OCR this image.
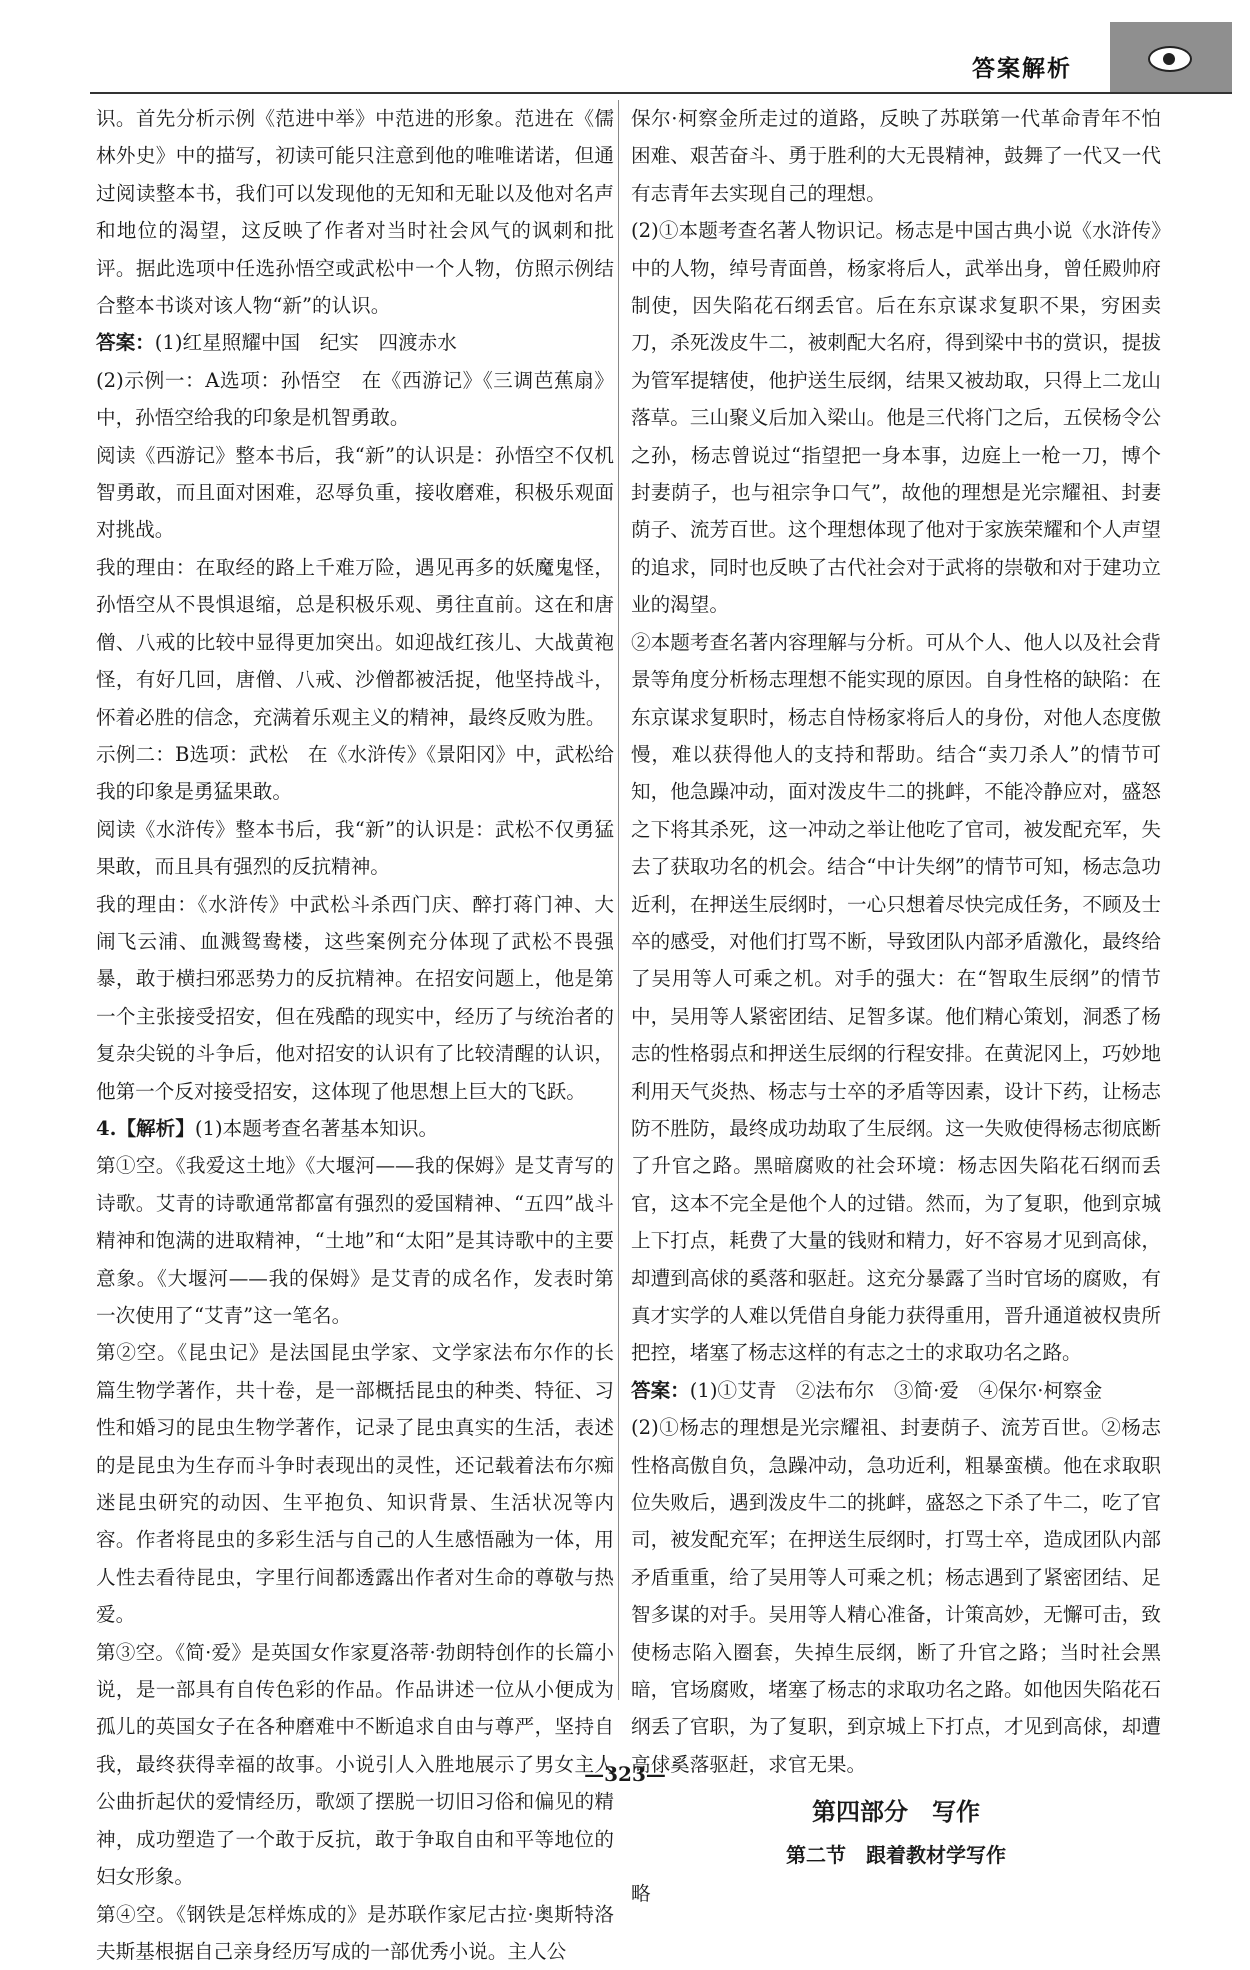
答案解析

识。首先分析示例《范进中举》中范进的形象。范进在《儒林外史》中的描写，初读可能只注意到他的唯唯诺诺，但通过阅读整本书，我们可以发现他的无知和无耻以及他对名声和地位的渴望，这反映了作者对当时社会风气的讽刺和批评。据此选项中任选孙悟空或武松中一个人物，仿照示例结合整本书谈对该人物“新”的认识。

答案：(1)红星照耀中国　纪实　四渡赤水

(2)示例一：A选项：孙悟空　在《西游记》《三调芭蕉扇》中，孙悟空给我的印象是机智勇敢。

阅读《西游记》整本书后，我“新”的认识是：孙悟空不仅机智勇敢，而且面对困难，忍辱负重，接收磨难，积极乐观面对挑战。

我的理由：在取经的路上千难万险，遇见再多的妖魔鬼怪，孙悟空从不畏惧退缩，总是积极乐观、勇往直前。这在和唐僧、八戒的比较中显得更加突出。如迎战红孩儿、大战黄袍怪，有好几回，唐僧、八戒、沙僧都被活捉，他坚持战斗，怀着必胜的信念，充满着乐观主义的精神，最终反败为胜。

示例二：B选项：武松　在《水浒传》《景阳冈》中，武松给我的印象是勇猛果敢。

阅读《水浒传》整本书后，我“新”的认识是：武松不仅勇猛果敢，而且具有强烈的反抗精神。

我的理由：《水浒传》中武松斗杀西门庆、醉打蒋门神、大闹飞云浦、血溅鸳鸯楼，这些案例充分体现了武松不畏强暴，敢于横扫邪恶势力的反抗精神。在招安问题上，他是第一个主张接受招安，但在残酷的现实中，经历了与统治者的复杂尖锐的斗争后，他对招安的认识有了比较清醒的认识，他第一个反对接受招安，这体现了他思想上巨大的飞跃。

4.【解析】(1)本题考查名著基本知识。

第①空。《我爱这土地》《大堰河——我的保姆》是艾青写的诗歌。艾青的诗歌通常都富有强烈的爱国精神、“五四”战斗精神和饱满的进取精神，“土地”和“太阳”是其诗歌中的主要意象。《大堰河——我的保姆》是艾青的成名作，发表时第一次使用了“艾青”这一笔名。

第②空。《昆虫记》是法国昆虫学家、文学家法布尔作的长篇生物学著作，共十卷，是一部概括昆虫的种类、特征、习性和婚习的昆虫生物学著作，记录了昆虫真实的生活，表述的是昆虫为生存而斗争时表现出的灵性，还记载着法布尔痴迷昆虫研究的动因、生平抱负、知识背景、生活状况等内容。作者将昆虫的多彩生活与自己的人生感悟融为一体，用人性去看待昆虫，字里行间都透露出作者对生命的尊敬与热爱。

第③空。《简·爱》是英国女作家夏洛蒂·勃朗特创作的长篇小说，是一部具有自传色彩的作品。作品讲述一位从小便成为孤儿的英国女子在各种磨难中不断追求自由与尊严，坚持自我，最终获得幸福的故事。小说引人入胜地展示了男女主人公曲折起伏的爱情经历，歌颂了摆脱一切旧习俗和偏见的精神，成功塑造了一个敢于反抗，敢于争取自由和平等地位的妇女形象。

第④空。《钢铁是怎样炼成的》是苏联作家尼古拉·奥斯特洛夫斯基根据自己亲身经历写成的一部优秀小说。主人公

保尔·柯察金所走过的道路，反映了苏联第一代革命青年不怕困难、艰苦奋斗、勇于胜利的大无畏精神，鼓舞了一代又一代有志青年去实现自己的理想。

(2)①本题考查名著人物识记。杨志是中国古典小说《水浒传》中的人物，绰号青面兽，杨家将后人，武举出身，曾任殿帅府制使，因失陷花石纲丢官。后在东京谋求复职不果，穷困卖刀，杀死泼皮牛二，被刺配大名府，得到梁中书的赏识，提拔为管军提辖使，他护送生辰纲，结果又被劫取，只得上二龙山落草。三山聚义后加入梁山。他是三代将门之后，五侯杨令公之孙，杨志曾说过“指望把一身本事，边庭上一枪一刀，博个封妻荫子，也与祖宗争口气”，故他的理想是光宗耀祖、封妻荫子、流芳百世。这个理想体现了他对于家族荣耀和个人声望的追求，同时也反映了古代社会对于武将的崇敬和对于建功立业的渴望。

②本题考查名著内容理解与分析。可从个人、他人以及社会背景等角度分析杨志理想不能实现的原因。自身性格的缺陷：在东京谋求复职时，杨志自恃杨家将后人的身份，对他人态度傲慢，难以获得他人的支持和帮助。结合“卖刀杀人”的情节可知，他急躁冲动，面对泼皮牛二的挑衅，不能冷静应对，盛怒之下将其杀死，这一冲动之举让他吃了官司，被发配充军，失去了获取功名的机会。结合“中计失纲”的情节可知，杨志急功近利，在押送生辰纲时，一心只想着尽快完成任务，不顾及士卒的感受，对他们打骂不断，导致团队内部矛盾激化，最终给了吴用等人可乘之机。对手的强大：在“智取生辰纲”的情节中，吴用等人紧密团结、足智多谋。他们精心策划，洞悉了杨志的性格弱点和押送生辰纲的行程安排。在黄泥冈上，巧妙地利用天气炎热、杨志与士卒的矛盾等因素，设计下药，让杨志防不胜防，最终成功劫取了生辰纲。这一失败使得杨志彻底断了升官之路。黑暗腐败的社会环境：杨志因失陷花石纲而丢官，这本不完全是他个人的过错。然而，为了复职，他到京城上下打点，耗费了大量的钱财和精力，好不容易才见到高俅，却遭到高俅的奚落和驱赶。这充分暴露了当时官场的腐败，有真才实学的人难以凭借自身能力获得重用，晋升通道被权贵所把控，堵塞了杨志这样的有志之士的求取功名之路。

答案：(1)①艾青　②法布尔　③简·爱　④保尔·柯察金

(2)①杨志的理想是光宗耀祖、封妻荫子、流芳百世。②杨志性格高傲自负，急躁冲动，急功近利，粗暴蛮横。他在求取职位失败后，遇到泼皮牛二的挑衅，盛怒之下杀了牛二，吃了官司，被发配充军；在押送生辰纲时，打骂士卒，造成团队内部矛盾重重，给了吴用等人可乘之机；杨志遇到了紧密团结、足智多谋的对手。吴用等人精心准备，计策高妙，无懈可击，致使杨志陷入圈套，失掉生辰纲，断了升官之路；当时社会黑暗，官场腐败，堵塞了杨志的求取功名之路。如他因失陷花石纲丢了官职，为了复职，到京城上下打点，才见到高俅，却遭高俅奚落驱赶，求官无果。

第四部分　写作
第二节　跟着教材学写作

略

—323—
